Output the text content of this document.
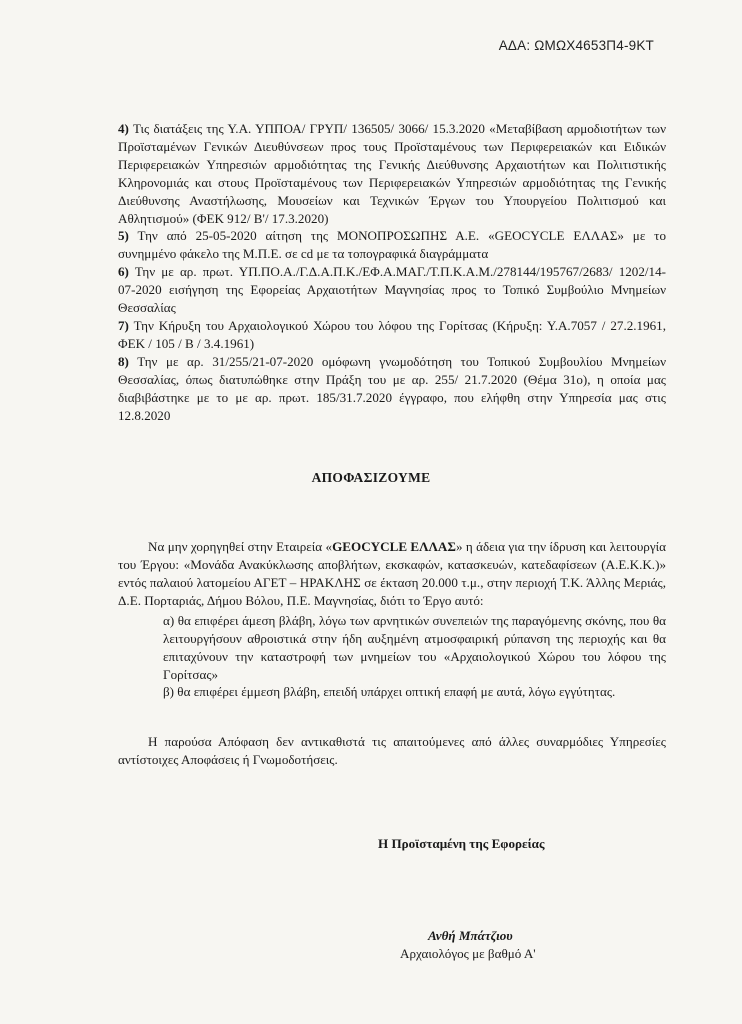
ΑΔΑ: ΩΜΩΧ4653Π4-9ΚΤ

4) Τις διατάξεις της Υ.Α. ΥΠΠΟΑ/ ΓΡΥΠ/ 136505/ 3066/ 15.3.2020 «Μεταβίβαση αρμοδιοτήτων των Προϊσταμένων Γενικών Διευθύνσεων προς τους Προϊσταμένους των Περιφερειακών και Ειδικών Περιφερειακών Υπηρεσιών αρμοδιότητας της Γενικής Διεύθυνσης Αρχαιοτήτων και Πολιτιστικής Κληρονομιάς και στους Προϊσταμένους των Περιφερειακών Υπηρεσιών αρμοδιότητας της Γενικής Διεύθυνσης Αναστήλωσης, Μουσείων και Τεχνικών Έργων του Υπουργείου Πολιτισμού και Αθλητισμού» (ΦΕΚ 912/ Β'/ 17.3.2020)

5) Την από 25-05-2020 αίτηση της ΜΟΝΟΠΡΟΣΩΠΗΣ Α.Ε. «GEOCYCLE ΕΛΛΑΣ» με το συνημμένο φάκελο της Μ.Π.Ε. σε cd με τα τοπογραφικά διαγράμματα

6) Την με αρ. πρωτ. ΥΠ.ΠΟ.Α./Γ.Δ.Α.Π.Κ./ΕΦ.Α.ΜΑΓ./Τ.Π.Κ.Α.Μ./278144/195767/2683/ 1202/14-07-2020 εισήγηση της Εφορείας Αρχαιοτήτων Μαγνησίας προς το Τοπικό Συμβούλιο Μνημείων Θεσσαλίας

7) Την Κήρυξη του Αρχαιολογικού Χώρου του λόφου της Γορίτσας (Κήρυξη: Υ.Α.7057 / 27.2.1961, ΦΕΚ / 105 / Β / 3.4.1961)

8) Την με αρ. 31/255/21-07-2020 ομόφωνη γνωμοδότηση του Τοπικού Συμβουλίου Μνημείων Θεσσαλίας, όπως διατυπώθηκε στην Πράξη του με αρ. 255/ 21.7.2020 (Θέμα 31ο), η οποία μας διαβιβάστηκε με το με αρ. πρωτ. 185/31.7.2020 έγγραφο, που ελήφθη στην Υπηρεσία μας στις 12.8.2020

ΑΠΟΦΑΣΙΖΟΥΜΕ

Να μην χορηγηθεί στην Εταιρεία «GEOCYCLE ΕΛΛΑΣ» η άδεια για την ίδρυση και λειτουργία του Έργου: «Μονάδα Ανακύκλωσης αποβλήτων, εκσκαφών, κατασκευών, κατεδαφίσεων (Α.Ε.Κ.Κ.)» εντός παλαιού λατομείου ΑΓΕΤ – ΗΡΑΚΛΗΣ σε έκταση 20.000 τ.μ., στην περιοχή Τ.Κ. Άλλης Μεριάς, Δ.Ε. Πορταριάς, Δήμου Βόλου, Π.Ε. Μαγνησίας, διότι το Έργο αυτό:

α) θα επιφέρει άμεση βλάβη, λόγω των αρνητικών συνεπειών της παραγόμενης σκόνης, που θα λειτουργήσουν αθροιστικά στην ήδη αυξημένη ατμοσφαιρική ρύπανση της περιοχής και θα επιταχύνουν την καταστροφή των μνημείων του «Αρχαιολογικού Χώρου του λόφου της Γορίτσας»
β) θα επιφέρει έμμεση βλάβη, επειδή υπάρχει οπτική επαφή με αυτά, λόγω εγγύτητας.

Η παρούσα Απόφαση δεν αντικαθιστά τις απαιτούμενες από άλλες συναρμόδιες Υπηρεσίες αντίστοιχες Αποφάσεις ή Γνωμοδοτήσεις.

Η Προϊσταμένη της Εφορείας
Ανθή Μπάτζιου
Αρχαιολόγος με βαθμό Α'
